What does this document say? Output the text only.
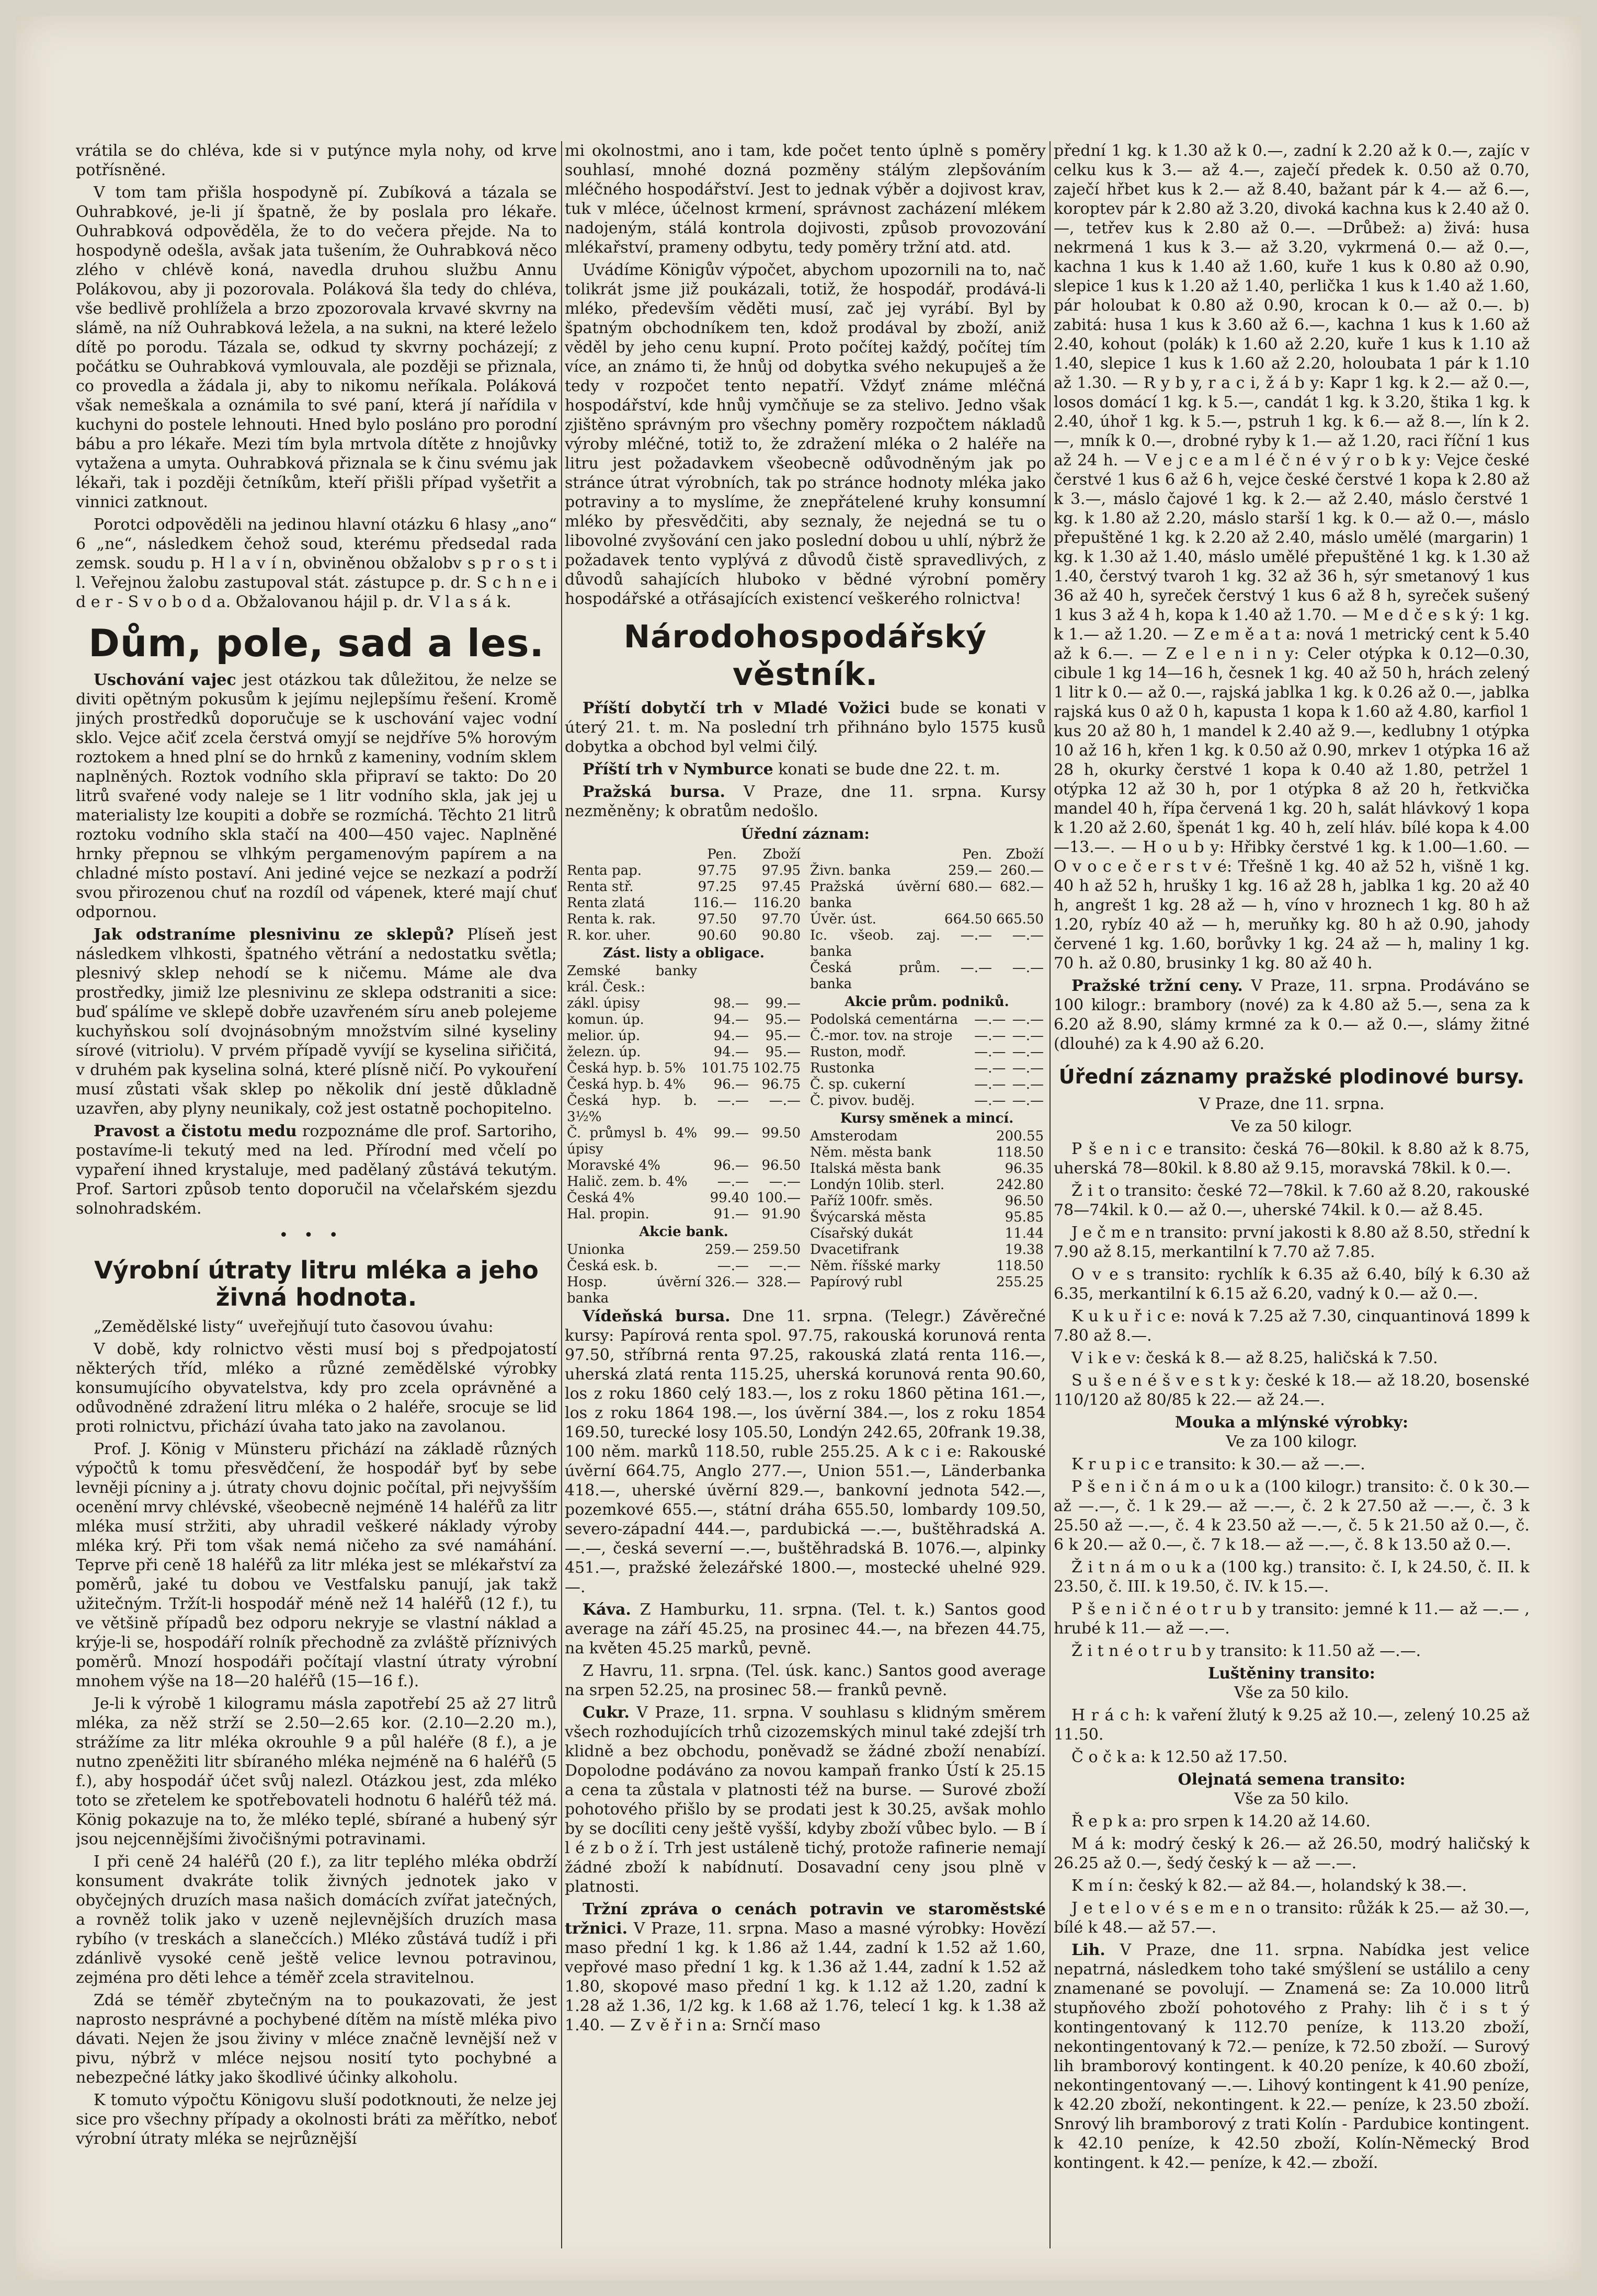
vrátila se do chléva, kde si v putýnce myla nohy, od krve potřísněné.

V tom tam přišla hospodyně pí. Zubíková a tázala se Ouhrabkové, je-li jí špatně, že by poslala pro lékaře. Ouhrabková odpověděla, že to do večera přejde. Na to hospodyně odešla, avšak jata tušením, že Ouhrabková něco zlého v chlévě koná, navedla druhou službu Annu Polákovou, aby ji pozorovala. Poláková šla tedy do chléva, vše bedlivě prohlížela a brzo zpozorovala krvavé skvrny na slámě, na níž Ouhrabková ležela, a na sukni, na které leželo dítě po porodu. Tázala se, odkud ty skvrny pocházejí; z počátku se Ouhrabková vymlouvala, ale později se přiznala, co provedla a žádala ji, aby to nikomu neříkala. Poláková však nemeškala a oznámila to své paní, která jí nařídila v kuchyni do postele lehnouti. Hned bylo posláno pro porodní bábu a pro lékaře. Mezi tím byla mrtvola dítěte z hnojůvky vytažena a umyta. Ouhrabková přiznala se k činu svému jak lékaři, tak i později četníkům, kteří přišli případ vyšetřit a vinnici zatknout.

Porotci odpověděli na jedinou hlavní otázku 6 hlasy „ano“ 6 „ne“, následkem čehož soud, kterému předsedal rada zemsk. soudu p. H l a v í n, obviněnou obžalobv s p r o s t i l. Veřejnou žalobu zastupoval stát. zástupce p. dr. S c h n e i d e r - S v o b o d a. Obžalovanou hájil p. dr. V l a s á k.

Dům, pole, sad a les.

Uschování vajec jest otázkou tak důležitou, že nelze se diviti opětným pokusům k jejímu nejlepšímu řešení. Kromě jiných prostředků doporučuje se k uschování vajec vodní sklo. Vejce ačiť zcela čerstvá omyjí se nejdříve 5% horovým roztokem a hned plní se do hrnků z kameniny, vodním sklem naplněných. Roztok vodního skla připraví se takto: Do 20 litrů svařené vody naleje se 1 litr vodního skla, jak jej u materialisty lze koupiti a dobře se rozmíchá. Těchto 21 litrů roztoku vodního skla stačí na 400—450 vajec. Naplněné hrnky přepnou se vlhkým pergamenovým papírem a na chladné místo postaví. Ani jediné vejce se nezkazí a podrží svou přirozenou chuť na rozdíl od vápenek, které mají chuť odpornou.

Jak odstraníme plesnivinu ze sklepů? Plíseň jest následkem vlhkosti, špatného větrání a nedostatku světla; plesnivý sklep nehodí se k ničemu. Máme ale dva prostředky, jimiž lze plesnivinu ze sklepa odstraniti a sice: buď spálíme ve sklepě dobře uzavřeném síru aneb polejeme kuchyňskou solí dvojnásobným množstvím silné kyseliny sírové (vitriolu). V prvém případě vyvíjí se kyselina siřičitá, v druhém pak kyselina solná, které plísně ničí. Po vykouření musí zůstati však sklep po několik dní jestě důkladně uzavřen, aby plyny neunikaly, což jest ostatně pochopitelno.

Pravost a čistotu medu rozpoznáme dle prof. Sartoriho, postavíme-li tekutý med na led. Přírodní med včelí po vypaření ihned krystaluje, med padělaný zůstává tekutým. Prof. Sartori způsob tento doporučil na včelařském sjezdu solnohradském.

•••
Výrobní útraty litru mléka a jeho živná hodnota.

„Zemědělské listy“ uveřejňují tuto časovou úvahu:

V době, kdy rolnictvo věsti musí boj s předpojatostí některých tříd, mléko a různé zemědělské výrobky konsumujícího obyvatelstva, kdy pro zcela oprávněné a odůvodněné zdražení litru mléka o 2 haléře, srocuje se lid proti rolnictvu, přichází úvaha tato jako na zavolanou.

Prof. J. König v Münsteru přichází na základě různých výpočtů k tomu přesvědčení, že hospodář byť by sebe levněji pícniny a j. útraty chovu dojnic počítal, při nejvyšším ocenění mrvy chlévské, všeobecně nejméně 14 haléřů za litr mléka musí stržiti, aby uhradil veškeré náklady výroby mléka krý. Při tom však nemá ničeho za své namáhání. Teprve při ceně 18 haléřů za litr mléka jest se mlékařství za poměrů, jaké tu dobou ve Vestfalsku panují, jak takž užitečným. Tržít-li hospodář méně než 14 haléřů (12 f.), tu ve většině případů bez odporu nekryje se vlastní náklad a krýje-li se, hospodáří rolník přechodně za zvláště příznivých poměrů. Mnozí hospodáři počítají vlastní útraty výrobní mnohem výše na 18—20 haléřů (15—16 f.).

Je-li k výrobě 1 kilogramu másla zapotřebí 25 až 27 litrů mléka, za něž strží se 2.50—2.65 kor. (2.10—2.20 m.), strážíme za litr mléka okrouhle 9 a půl haléře (8 f.), a je nutno zpeněžiti litr sbíraného mléka nejméně na 6 haléřů (5 f.), aby hospodář účet svůj nalezl. Otázkou jest, zda mléko toto se zřetelem ke spotřebovateli hodnotu 6 haléřů též má. König pokazuje na to, že mléko teplé, sbírané a hubený sýr jsou nejcennějšími živočišnými potravinami.

I při ceně 24 haléřů (20 f.), za litr teplého mléka obdrží konsument dvakráte tolik živných jednotek jako v obyčejných druzích masa našich domácích zvířat jatečných, a rovněž tolik jako v uzeně nejlevnějších druzích masa rybího (v treskách a slanečcích.) Mléko zůstává tudíž i při zdánlivě vysoké ceně ještě velice levnou potravinou, zejména pro děti lehce a téměř zcela stravitelnou.

Zdá se téměř zbytečným na to poukazovati, že jest naprosto nesprávné a pochybené dítěm na místě mléka pivo dávati. Nejen že jsou živiny v mléce značně levnější než v pivu, nýbrž v mléce nejsou nosití tyto pochybné a nebezpečné látky jako škodlivé účinky alkoholu.

K tomuto výpočtu Königovu sluší podotknouti, že nelze jej sice pro všechny případy a okolnosti bráti za měřítko, neboť výrobní útraty mléka se nejrůznější

mi okolnostmi, ano i tam, kde počet tento úplně s poměry souhlasí, mnohé dozná pozměny stálým zlepšováním mléčného hospodářství. Jest to jednak výběr a dojivost krav, tuk v mléce, účelnost krmení, správnost zacházení mlékem nadojeným, stálá kontrola dojivosti, způsob provozování mlékařství, prameny odbytu, tedy poměry tržní atd. atd.

Uvádíme Königův výpočet, abychom upozornili na to, nač tolikrát jsme již poukázali, totiž, že hospodář, prodává-li mléko, především věděti musí, zač jej vyrábí. Byl by špatným obchodníkem ten, kdož prodával by zboží, aniž věděl by jeho cenu kupní. Proto počítej každý, počítej tím více, an známo ti, že hnůj od dobytka svého nekupuješ a že tedy v rozpočet tento nepatří. Vždyť známe mléčná hospodářství, kde hnůj vymčňuje se za stelivo. Jedno však zjištěno správným pro všechny poměry rozpočtem nákladů výroby mléčné, totiž to, že zdražení mléka o 2 haléře na litru jest požadavkem všeobecně odůvodněným jak po stránce útrat výrobních, tak po stránce hodnoty mléka jako potraviny a to myslíme, že znepřátelené kruhy konsumní mléko by přesvědčiti, aby seznaly, že nejedná se tu o libovolné zvyšování cen jako poslední dobou u uhlí, nýbrž že požadavek tento vyplývá z důvodů čistě spravedlivých, z důvodů sahajících hluboko v bědné výrobní poměry hospodářské a otřásajících existencí veškerého rolnictva!

Národohospodářský věstník.

Příští dobytčí trh v Mladé Vožici bude se konati v úterý 21. t. m. Na poslední trh přihnáno bylo 1575 kusů dobytka a obchod byl velmi čilý.

Příští trh v Nymburce konati se bude dne 22. t. m.

Pražská bursa. V Praze, dne 11. srpna. Kursy nezměněny; k obratům nedošlo.

Úřední záznam:
	Pen.	Zboží
Renta pap.	97.75	97.95
Renta stř.	97.25	97.45
Renta zlatá	116.—	116.20
Renta k. rak.	97.50	97.70
R. kor. uher.	90.60	90.80
Zást. listy a obligace.
Zemské banky král. Česk.:		
zákl. úpisy	98.—	99.—
komun. úp.	94.—	95.—
melior. úp.	94.—	95.—
železn. úp.	94.—	95.—
Česká hyp. b. 5%	101.75	102.75
Česká hyp. b. 4%	96.—	96.75
Česká hyp. b. 3½%	—.—	—.—
Č. průmysl b. 4% úpisy	99.—	99.50
Moravské 4%	96.—	96.50
Halič. zem. b. 4%	—.—	—.—
Česká 4%	99.40	100.—
Hal. propin.	91.—	91.90
Akcie bank.
Unionka	259.—	259.50
Česká esk. b.	—.—	—.—
Hosp. úvěrní banka	326.—	328.—
	Pen.	Zboží
Živn. banka	259.—	260.—
Pražská úvěrní banka	680.—	682.—
Úvěr. úst.	664.50	665.50
Ic. všeob. zaj. banka	—.—	—.—
Česká prům. banka	—.—	—.—
Akcie prům. podniků.
Podolská cementárna	—.—	—.—
Č.-mor. tov. na stroje	—.—	—.—
Ruston, modř.	—.—	—.—
Rustonka	—.—	—.—
Č. sp. cukerní	—.—	—.—
Č. pivov. buděj.	—.—	—.—
Kursy směnek a mincí.
Amsterodam	200.55
Něm. města bank	118.50
Italská města bank	96.35
Londýn 10lib. sterl.	242.80
Paříž 100fr. směs.	96.50
Švýcarská města	95.85
Císařský dukát	11.44
Dvacetifrank	19.38
Něm. říšské marky	118.50
Papírový rubl	255.25

Vídeňská bursa. Dne 11. srpna. (Telegr.) Závěrečné kursy: Papírová renta spol. 97.75, rakouská korunová renta 97.50, stříbrná renta 97.25, rakouská zlatá renta 116.—, uherská zlatá renta 115.25, uherská korunová renta 90.60, los z roku 1860 celý 183.—, los z roku 1860 pětina 161.—, los z roku 1864 198.—, los úvěrní 384.—, los z roku 1854 169.50, turecké losy 105.50, Londýn 242.65, 20frank 19.38, 100 něm. marků 118.50, ruble 255.25. A k c i e: Rakouské úvěrní 664.75, Anglo 277.—, Union 551.—, Länderbanka 418.—, uherské úvěrní 829.—, bankovní jednota 542.—, pozemkové 655.—, státní dráha 655.50, lombardy 109.50, severo-západní 444.—, pardubická —.—, buštěhradská A. —.—, česká severní —.—, buštěhradská B. 1076.—, alpinky 451.—, pražské železářské 1800.—, mostecké uhelné 929.—.

Káva. Z Hamburku, 11. srpna. (Tel. t. k.) Santos good average na září 45.25, na prosinec 44.—, na březen 44.75, na květen 45.25 marků, pevně.

Z Havru, 11. srpna. (Tel. úsk. kanc.) Santos good average na srpen 52.25, na prosinec 58.— franků pevně.

Cukr. V Praze, 11. srpna. V souhlasu s klidným směrem všech rozhodujících trhů cizozemských minul také zdejší trh klidně a bez obchodu, poněvadž se žádné zboží nenabízí. Dopolodne podáváno za novou kampaň franko Ústí k 25.15 a cena ta zůstala v platnosti též na burse. — Surové zboží pohotového přišlo by se prodati jest k 30.25, avšak mohlo by se docíliti ceny ještě vyšší, kdyby zboží vůbec bylo. — B í l é z b o ž í. Trh jest ustáleně tichý, protože rafinerie nemají žádné zboží k nabídnutí. Dosavadní ceny jsou plně v platnosti.

Tržní zpráva o cenách potravin ve staroměstské tržnici. V Praze, 11. srpna. Maso a masné výrobky: Hovězí maso přední 1 kg. k 1.86 až 1.44, zadní k 1.52 až 1.60, vepřové maso přední 1 kg. k 1.36 až 1.44, zadní k 1.52 až 1.80, skopové maso přední 1 kg. k 1.12 až 1.20, zadní k 1.28 až 1.36, 1/2 kg. k 1.68 až 1.76, telecí 1 kg. k 1.38 až 1.40. — Z v ě ř i n a: Srnčí maso

přední 1 kg. k 1.30 až k 0.—, zadní k 2.20 až k 0.—, zajíc v celku kus k 3.— až 4.—, zaječí předek k. 0.50 až 0.70, zaječí hřbet kus k 2.— až 8.40, bažant pár k 4.— až 6.—, koroptev pár k 2.80 až 3.20, divoká kachna kus k 2.40 až 0.—, tetřev kus k 2.80 až 0.—. —Drůbež: a) živá: husa nekrmená 1 kus k 3.— až 3.20, vykrmená 0.— až 0.—, kachna 1 kus k 1.40 až 1.60, kuře 1 kus k 0.80 až 0.90, slepice 1 kus k 1.20 až 1.40, perlička 1 kus k 1.40 až 1.60, pár holoubat k 0.80 až 0.90, krocan k 0.— až 0.—. b) zabitá: husa 1 kus k 3.60 až 6.—, kachna 1 kus k 1.60 až 2.40, kohout (polák) k 1.60 až 2.20, kuře 1 kus k 1.10 až 1.40, slepice 1 kus k 1.60 až 2.20, holoubata 1 pár k 1.10 až 1.30. — R y b y, r a c i, ž á b y: Kapr 1 kg. k 2.— až 0.—, losos domácí 1 kg. k 5.—, candát 1 kg. k 3.20, štika 1 kg. k 2.40, úhoř 1 kg. k 5.—, pstruh 1 kg. k 6.— až 8.—, lín k 2.—, mník k 0.—, drobné ryby k 1.— až 1.20, raci říční 1 kus až 24 h. — V e j c e a m l é č n é v ý r o b k y: Vejce české čerstvé 1 kus 6 až 6 h, vejce české čerstvé 1 kopa k 2.80 až k 3.—, máslo čajové 1 kg. k 2.— až 2.40, máslo čerstvé 1 kg. k 1.80 až 2.20, máslo starší 1 kg. k 0.— až 0.—, máslo přepuštěné 1 kg. k 2.20 až 2.40, máslo umělé (margarin) 1 kg. k 1.30 až 1.40, máslo umělé přepuštěné 1 kg. k 1.30 až 1.40, čerstvý tvaroh 1 kg. 32 až 36 h, sýr smetanový 1 kus 36 až 40 h, syreček čerstvý 1 kus 6 až 8 h, syreček sušený 1 kus 3 až 4 h, kopa k 1.40 až 1.70. — M e d č e s k ý: 1 kg. k 1.— až 1.20. — Z e m ě a t a: nová 1 metrický cent k 5.40 až k 6.—. — Z e l e n i n y: Celer otýpka k 0.12—0.30, cibule 1 kg 14—16 h, česnek 1 kg. 40 až 50 h, hrách zelený 1 litr k 0.— až 0.—, rajská jablka 1 kg. k 0.26 až 0.—, jablka rajská kus 0 až 0 h, kapusta 1 kopa k 1.60 až 4.80, karfiol 1 kus 20 až 80 h, 1 mandel k 2.40 až 9.—, kedlubny 1 otýpka 10 až 16 h, křen 1 kg. k 0.50 až 0.90, mrkev 1 otýpka 16 až 28 h, okurky čerstvé 1 kopa k 0.40 až 1.80, petržel 1 otýpka 12 až 30 h, por 1 otýpka 8 až 20 h, řetkvička mandel 40 h, řípa červená 1 kg. 20 h, salát hlávkový 1 kopa k 1.20 až 2.60, špenát 1 kg. 40 h, zelí hláv. bílé kopa k 4.00—13.—. — H o u b y: Hřibky čerstvé 1 kg. k 1.00—1.60. — O v o c e č e r s t v é: Třešně 1 kg. 40 až 52 h, višně 1 kg. 40 h až 52 h, hrušky 1 kg. 16 až 28 h, jablka 1 kg. 20 až 40 h, angrešt 1 kg. 28 až — h, víno v hroznech 1 kg. 80 h až 1.20, rybíz 40 až — h, meruňky kg. 80 h až 0.90, jahody červené 1 kg. 1.60, borůvky 1 kg. 24 až — h, maliny 1 kg. 70 h. až 0.80, brusinky 1 kg. 80 až 40 h.

Pražské tržní ceny. V Praze, 11. srpna. Prodáváno se 100 kilogr.: brambory (nové) za k 4.80 až 5.—, sena za k 6.20 až 8.90, slámy krmné za k 0.— až 0.—, slámy žitné (dlouhé) za k 4.90 až 6.20.

Úřední záznamy pražské plodinové bursy.

V Praze, dne 11. srpna.

Ve za 50 kilogr.

P š e n i c e transito: česká 76—80kil. k 8.80 až k 8.75, uherská 78—80kil. k 8.80 až 9.15, moravská 78kil. k 0.—.

Ž i t o transito: české 72—78kil. k 7.60 až 8.20, rakouské 78—74kil. k 0.— až 0.—, uherské 74kil. k 0.— až 8.45.

J e č m e n transito: první jakosti k 8.80 až 8.50, střední k 7.90 až 8.15, merkantilní k 7.70 až 7.85.

O v e s transito: rychlík k 6.35 až 6.40, bílý k 6.30 až 6.35, merkantilní k 6.15 až 6.20, vadný k 0.— až 0.—.

K u k u ř i c e: nová k 7.25 až 7.30, cinquantinová 1899 k 7.80 až 8.—.

V i k e v: česká k 8.— až 8.25, haličská k 7.50.

S u š e n é š v e s t k y: české k 18.— až 18.20, bosenské 110/120 až 80/85 k 22.— až 24.—.

Mouka a mlýnské výrobky:

Ve za 100 kilogr.

K r u p i c e transito: k 30.— až —.—.

P š e n i č n á m o u k a (100 kilogr.) transito: č. 0 k 30.— až —.—, č. 1 k 29.— až —.—, č. 2 k 27.50 až —.—, č. 3 k 25.50 až —.—, č. 4 k 23.50 až —.—, č. 5 k 21.50 až 0.—, č. 6 k 20.— až 0.—, č. 7 k 18.— až —.—, č. 8 k 13.50 až 0.—.

Ž i t n á m o u k a (100 kg.) transito: č. I, k 24.50, č. II. k 23.50, č. III. k 19.50, č. IV. k 15.—.

P š e n i č n é o t r u b y transito: jemné k 11.— až —.— , hrubé k 11.— až —.—.

Ž i t n é o t r u b y transito: k 11.50 až —.—.

Luštěniny transito:

Vše za 50 kilo.

H r á c h: k vaření žlutý k 9.25 až 10.—, zelený 10.25 až 11.50.

Č o č k a: k 12.50 až 17.50.

Olejnatá semena transito:

Vše za 50 kilo.

Ř e p k a: pro srpen k 14.20 až 14.60.

M á k: modrý český k 26.— až 26.50, modrý haličský k 26.25 až 0.—, šedý český k — až —.—.

K m í n: český k 82.— až 84.—, holandský k 38.—.

J e t e l o v é s e m e n o transito: růžák k 25.— až 30.—, bílé k 48.— až 57.—.

Lih. V Praze, dne 11. srpna. Nabídka jest velice nepatrná, následkem toho také smýšlení se ustálilo a ceny znamenané se povolují. — Znamená se: Za 10.000 litrů stupňového zboží pohotového z Prahy: lih č i s t ý kontingentovaný k 112.70 peníze, k 113.20 zboží, nekontingentovaný k 72.— peníze, k 72.50 zboží. — Surový lih bramborový kontingent. k 40.20 peníze, k 40.60 zboží, nekontingentovaný —.—. Lihový kontingent k 41.90 peníze, k 42.20 zboží, nekontingent. k 22.— peníze, k 23.50 zboží. Snrový lih bramborový z trati Kolín - Pardubice kontingent. k 42.10 peníze, k 42.50 zboží, Kolín-Německý Brod kontingent. k 42.— peníze, k 42.— zboží.
